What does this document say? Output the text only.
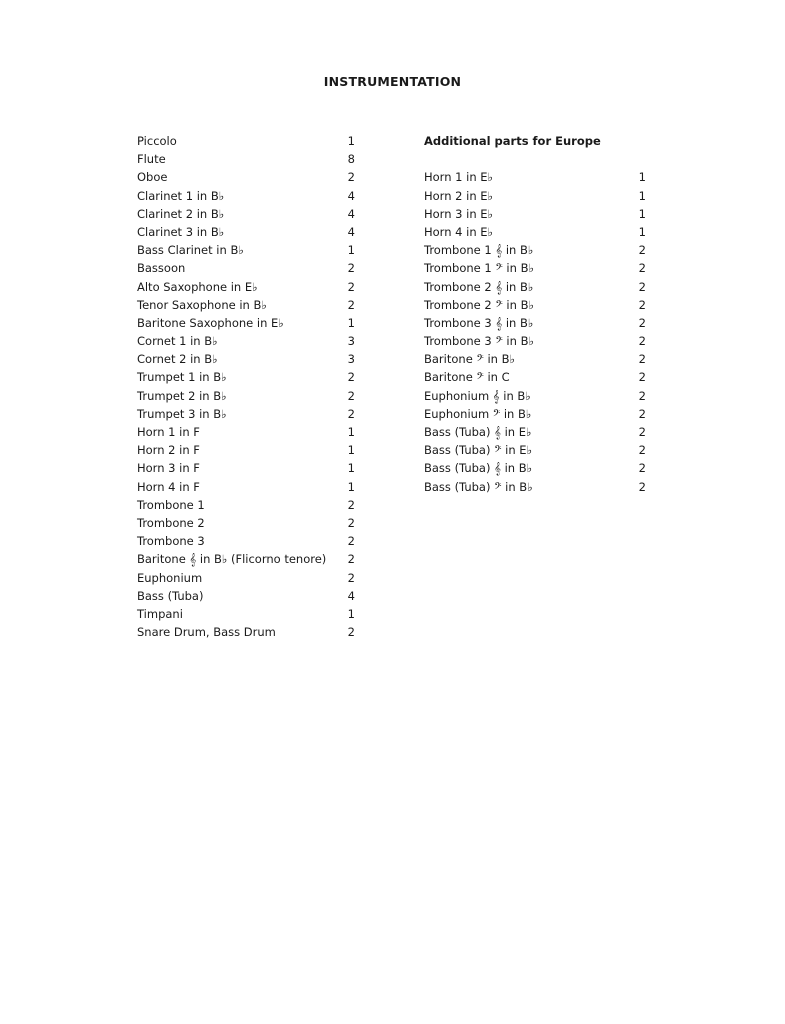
INSTRUMENTATION
Piccolo	1
Flute	8
Oboe	2
Clarinet 1 in B♭	4
Clarinet 2 in B♭	4
Clarinet 3 in B♭	4
Bass Clarinet in B♭	1
Bassoon	2
Alto Saxophone in E♭	2
Tenor Saxophone in B♭	2
Baritone Saxophone in E♭	1
Cornet 1 in B♭	3
Cornet 2 in B♭	3
Trumpet 1 in B♭	2
Trumpet 2 in B♭	2
Trumpet 3 in B♭	2
Horn 1 in F	1
Horn 2 in F	1
Horn 3 in F	1
Horn 4 in F	1
Trombone 1	2
Trombone 2	2
Trombone 3	2
Baritone 𝄞 in B♭ (Flicorno tenore)	2
Euphonium	2
Bass (Tuba)	4
Timpani	1
Snare Drum, Bass Drum	2
Additional parts for Europe
Horn 1 in E♭	1
Horn 2 in E♭	1
Horn 3 in E♭	1
Horn 4 in E♭	1
Trombone 1 𝄞 in B♭	2
Trombone 1 𝄢 in B♭	2
Trombone 2 𝄞 in B♭	2
Trombone 2 𝄢 in B♭	2
Trombone 3 𝄞 in B♭	2
Trombone 3 𝄢 in B♭	2
Baritone 𝄢 in B♭	2
Baritone 𝄢 in C	2
Euphonium 𝄞 in B♭	2
Euphonium 𝄢 in B♭	2
Bass (Tuba) 𝄞 in E♭	2
Bass (Tuba) 𝄢 in E♭	2
Bass (Tuba) 𝄞 in B♭	2
Bass (Tuba) 𝄢 in B♭	2
